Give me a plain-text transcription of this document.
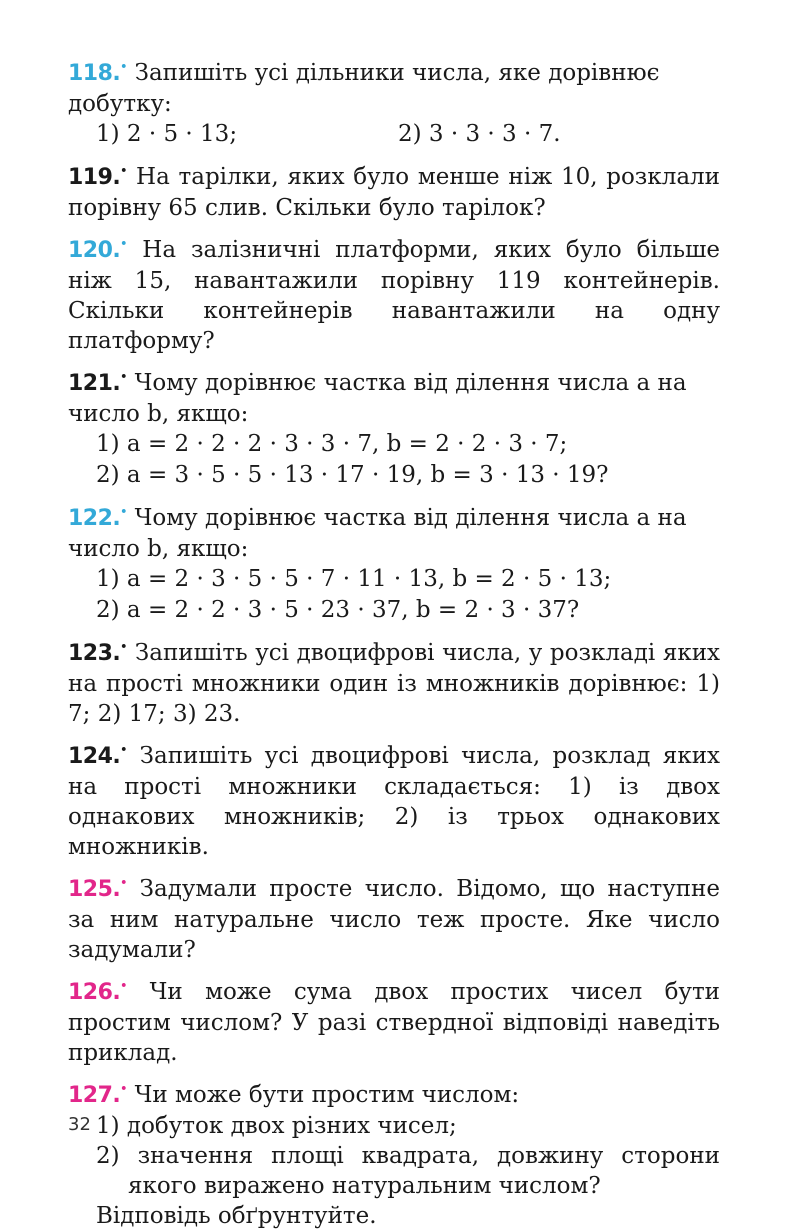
118.• Запишіть усі дільники числа, яке дорівнює добутку:
1) 2 · 5 · 13;	2) 3 · 3 · 3 · 7.

119.• На тарілки, яких було менше ніж 10, розклали порівну 65 слив. Скільки було тарілок?

120.• На залізничні платформи, яких було більше ніж 15, навантажили порівну 119 контейнерів. Скільки контейнерів навантажили на одну платформу?

121.• Чому дорівнює частка від ділення числа a на число b, якщо:
1) a = 2 · 2 · 2 · 3 · 3 · 7, b = 2 · 2 · 3 · 7;
2) a = 3 · 5 · 5 · 13 · 17 · 19, b = 3 · 13 · 19?

122.• Чому дорівнює частка від ділення числа a на число b, якщо:
1) a = 2 · 3 · 5 · 5 · 7 · 11 · 13, b = 2 · 5 · 13;
2) a = 2 · 2 · 3 · 5 · 23 · 37, b = 2 · 3 · 37?

123.• Запишіть усі двоцифрові числа, у розкладі яких на прості множники один із множників дорівнює: 1) 7; 2) 17; 3) 23.

124.• Запишіть усі двоцифрові числа, розклад яких на прості множники складається: 1) із двох однакових множників; 2) із трьох однакових множників.

125.• Задумали просте число. Відомо, що наступне за ним натуральне число теж просте. Яке число задумали?

126.• Чи може сума двох простих чисел бути простим числом? У разі ствердної відповіді наведіть приклад.

127.• Чи може бути простим числом:
1) добуток двох різних чисел;
2) значення площі квадрата, довжину сторони якого виражено натуральним числом?
Відповідь обґрунтуйте.

32
